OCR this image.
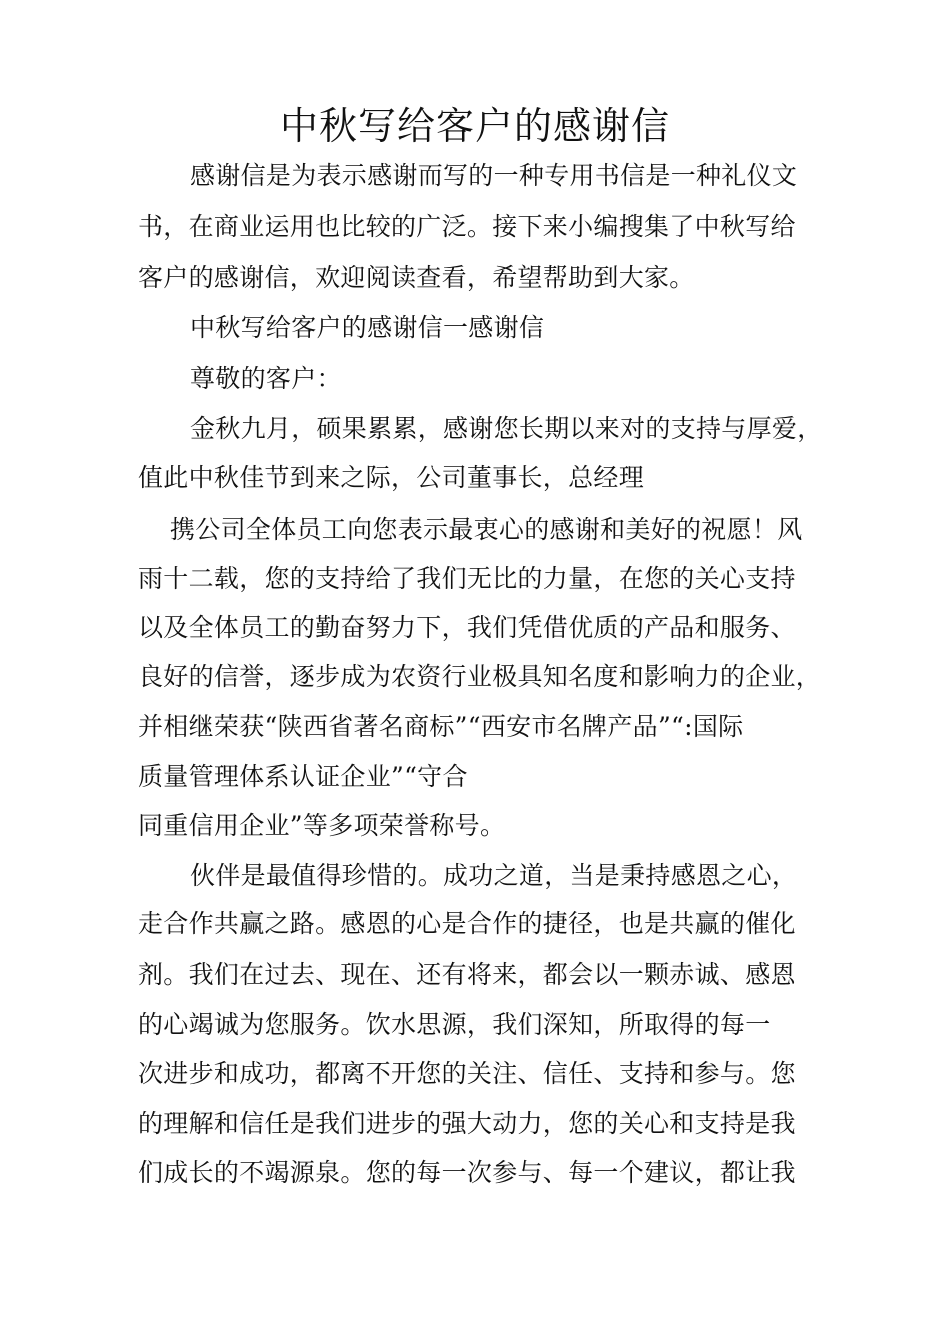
中秋写给客户的感谢信
感谢信是为表示感谢而写的一种专用书信是一种礼仪文
书，在商业运用也比较的广泛。接下来小编搜集了中秋写给
客户的感谢信，欢迎阅读查看，希望帮助到大家。
中秋写给客户的感谢信一感谢信
尊敬的客户：
金秋九月，硕果累累，感谢您长期以来对的支持与厚爱，
值此中秋佳节到来之际，公司董事长，总经理
携公司全体员工向您表示最衷心的感谢和美好的祝愿！风
雨十二载，您的支持给了我们无比的力量，在您的关心支持
以及全体员工的勤奋努力下，我们凭借优质的产品和服务、
良好的信誉，逐步成为农资行业极具知名度和影响力的企业，
并相继荣获“陕西省著名商标”“西安市名牌产品”“:国际
质量管理体系认证企业”“守合
同重信用企业”等多项荣誉称号。
伙伴是最值得珍惜的。成功之道，当是秉持感恩之心，
走合作共赢之路。感恩的心是合作的捷径，也是共赢的催化
剂。我们在过去、现在、还有将来，都会以一颗赤诚、感恩
的心竭诚为您服务。饮水思源，我们深知，所取得的每一
次进步和成功，都离不开您的关注、信任、支持和参与。您
的理解和信任是我们进步的强大动力，您的关心和支持是我
们成长的不竭源泉。您的每一次参与、每一个建议，都让我
